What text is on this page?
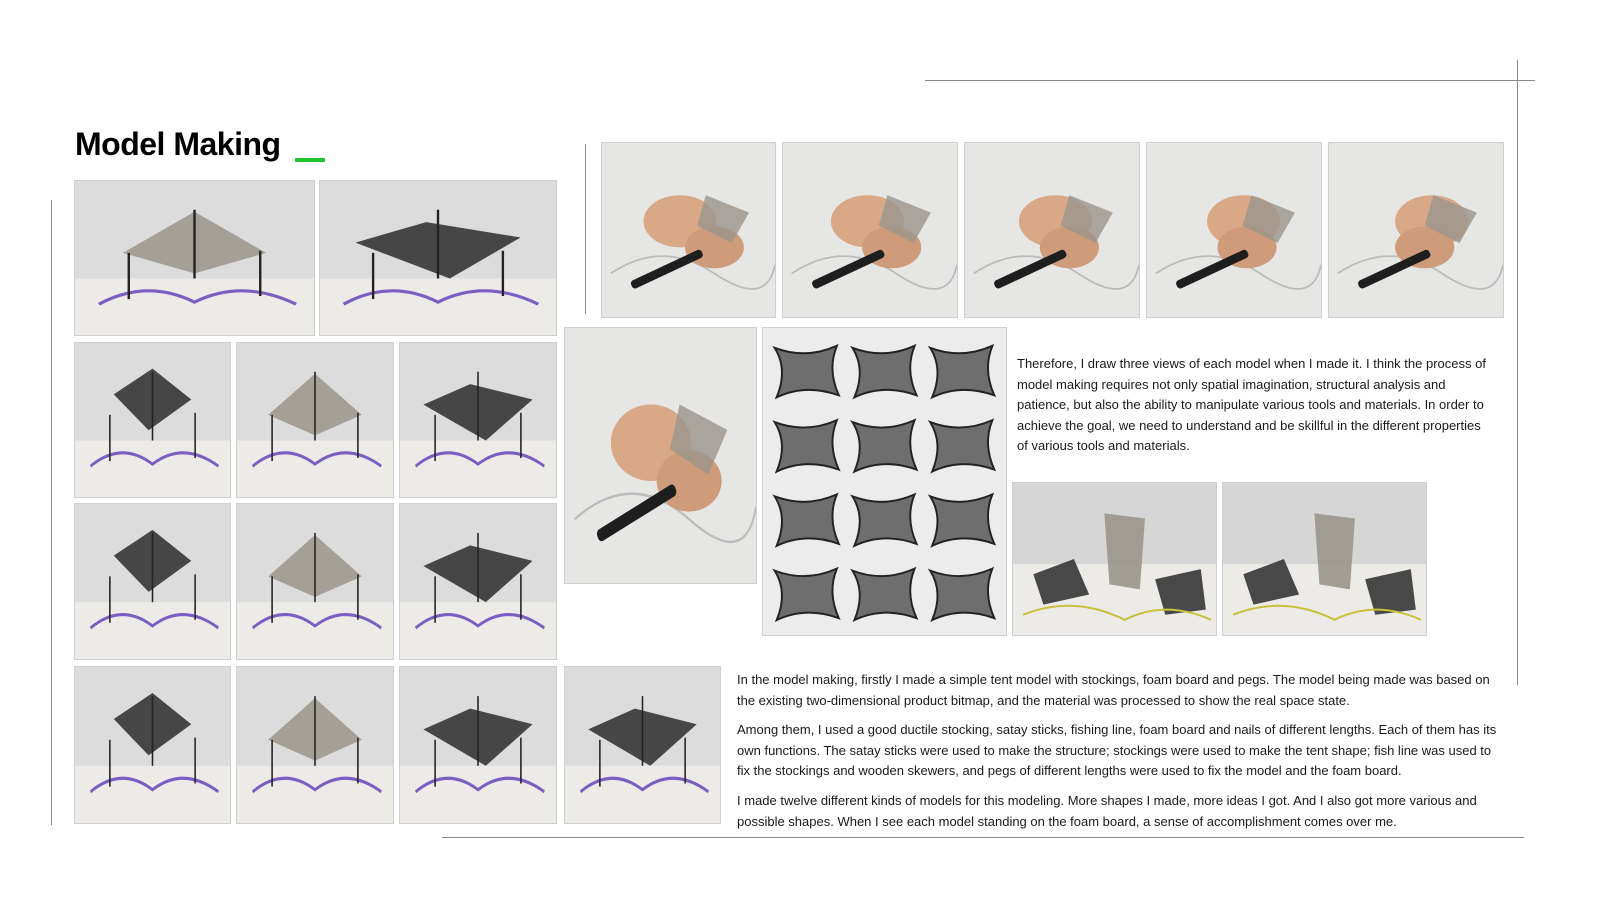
Model Making

Therefore, I draw three views of each model when I made it. I think the process of model making requires not only spatial imagination, structural analysis and patience, but also the ability to manipulate various tools and materials. In order to achieve the goal, we need to understand and be skillful in the different properties of various tools and materials.

In the model making, firstly I made a simple tent model with stockings, foam board and pegs. The model being made was based on the existing two-dimensional product bitmap, and the material was processed to show the real space state.

Among them, I used a good ductile stocking, satay sticks, fishing line, foam board and nails of different lengths. Each of them has its own functions. The satay sticks were used to make the structure; stockings were used to make the tent shape; fish line was used to fix the stockings and wooden skewers, and pegs of different lengths were used to fix the model and the foam board.

I made twelve different kinds of models for this modeling. More shapes I made, more ideas I got. And I also got more various and possible shapes. When I see each model standing on the foam board, a sense of accomplishment comes over me.
